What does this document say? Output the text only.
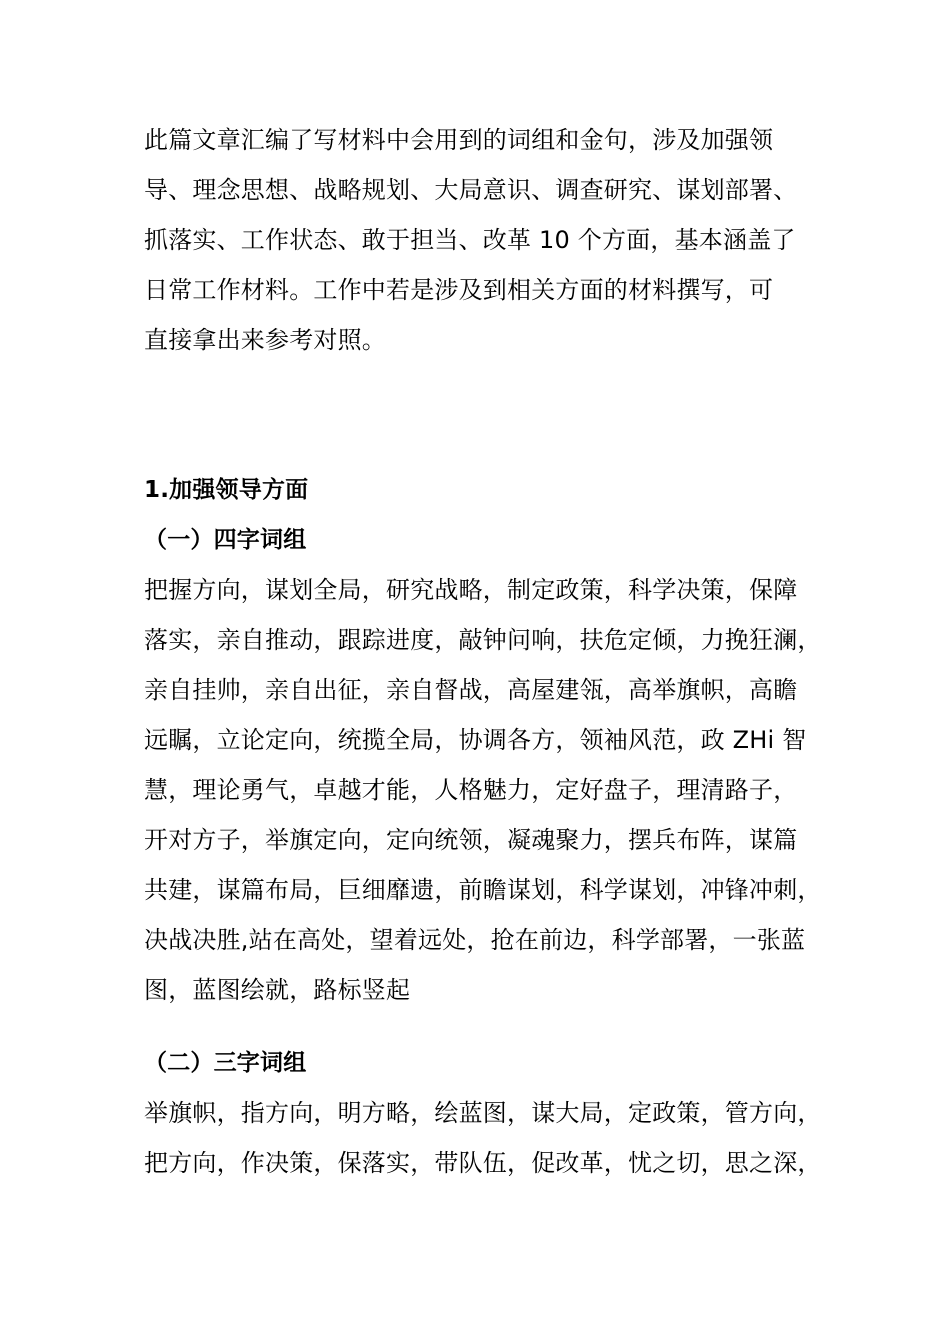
此篇文章汇编了写材料中会用到的词组和金句，涉及加强领
导、理念思想、战略规划、大局意识、调查研究、谋划部署、
抓落实、工作状态、敢于担当、改革 10 个方面，基本涵盖了
日常工作材料。工作中若是涉及到相关方面的材料撰写，可
直接拿出来参考对照。
1.加强领导方面
（一）四字词组
把握方向，谋划全局，研究战略，制定政策，科学决策，保障
落实，亲自推动，跟踪进度，敲钟问响，扶危定倾，力挽狂澜，
亲自挂帅，亲自出征，亲自督战，高屋建瓴，高举旗帜，高瞻
远瞩，立论定向，统揽全局，协调各方，领袖风范，政 ZHi 智
慧，理论勇气，卓越才能，人格魅力，定好盘子，理清路子，
开对方子，举旗定向，定向统领，凝魂聚力，摆兵布阵，谋篇
共建，谋篇布局，巨细靡遗，前瞻谋划，科学谋划，冲锋冲刺，
决战决胜,站在高处，望着远处，抢在前边，科学部署，一张蓝
图，蓝图绘就，路标竖起
（二）三字词组
举旗帜，指方向，明方略，绘蓝图，谋大局，定政策，管方向，
把方向，作决策，保落实，带队伍，促改革，忧之切，思之深，
